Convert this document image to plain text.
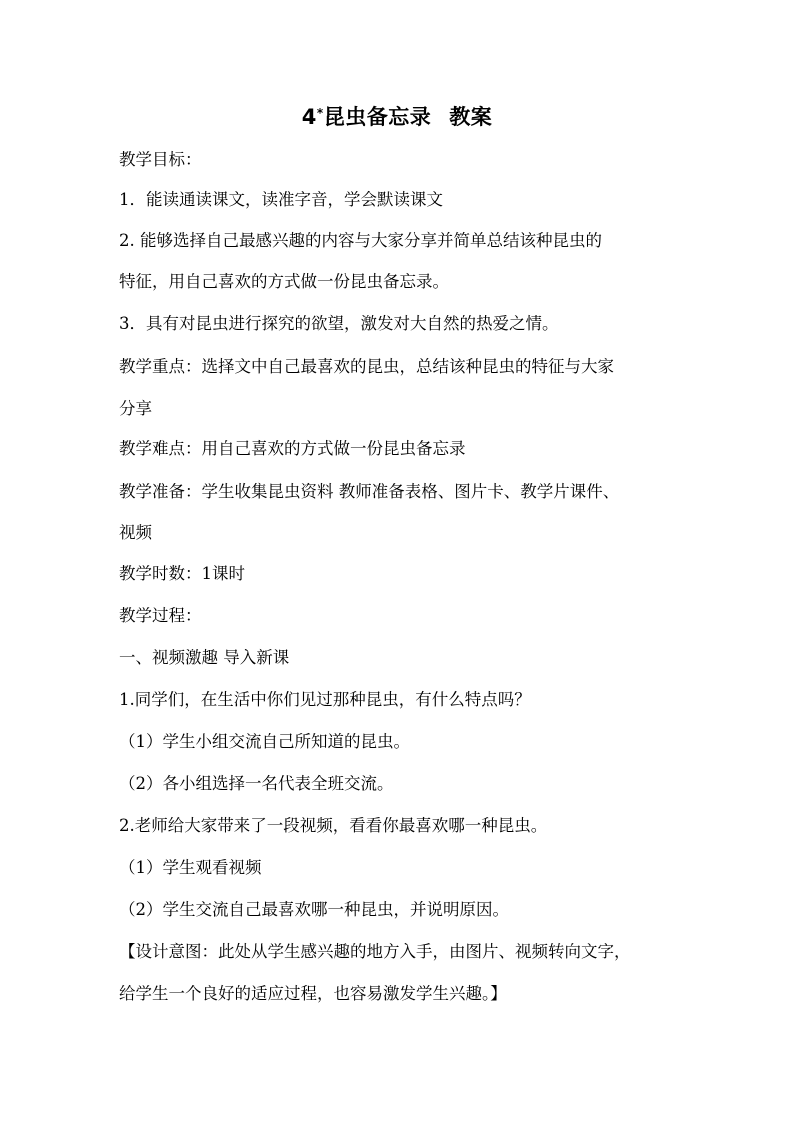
4*昆虫备忘录 教案
教学目标：
1．能读通读课文，读准字音，学会默读课文
2. 能够选择自己最感兴趣的内容与大家分享并简单总结该种昆虫的
特征，用自己喜欢的方式做一份昆虫备忘录。
3．具有对昆虫进行探究的欲望，激发对大自然的热爱之情。
教学重点：选择文中自己最喜欢的昆虫，总结该种昆虫的特征与大家
分享
教学难点：用自己喜欢的方式做一份昆虫备忘录
教学准备：学生收集昆虫资料 教师准备表格、图片卡、教学片课件、
视频
教学时数：1课时
教学过程：
一、视频激趣 导入新课
1.同学们，在生活中你们见过那种昆虫，有什么特点吗？
（1）学生小组交流自己所知道的昆虫。
（2）各小组选择一名代表全班交流。
2.老师给大家带来了一段视频，看看你最喜欢哪一种昆虫。
（1）学生观看视频
（2）学生交流自己最喜欢哪一种昆虫，并说明原因。
【设计意图：此处从学生感兴趣的地方入手，由图片、视频转向文字，
给学生一个良好的适应过程，也容易激发学生兴趣。】
